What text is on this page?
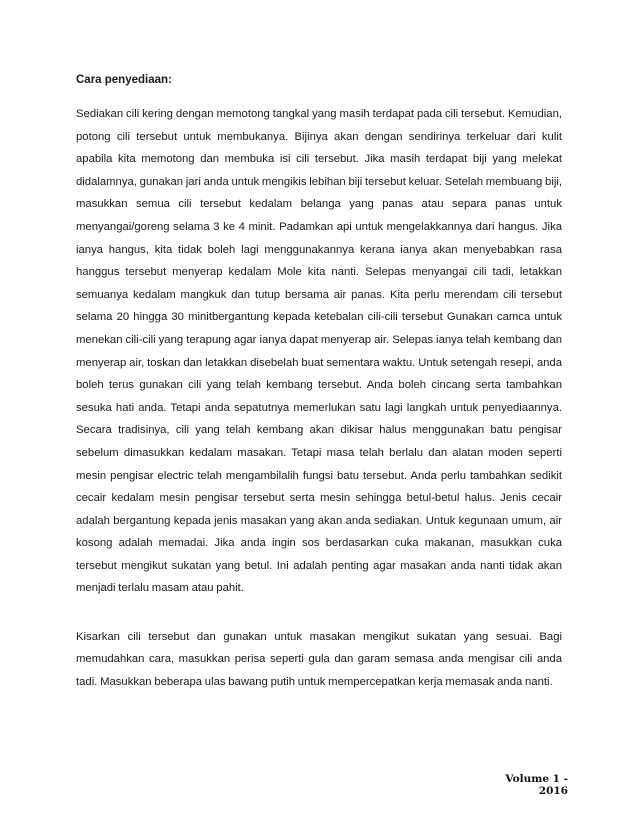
Cara penyediaan:

Sediakan cili kering dengan memotong tangkal yang masih terdapat pada cili tersebut. Kemudian, potong cili tersebut untuk membukanya. Bijinya akan dengan sendirinya terkeluar dari kulit apabila kita memotong dan membuka isi cili tersebut. Jika masih terdapat biji yang melekat didalamnya, gunakan jari anda untuk mengikis lebihan biji tersebut keluar. Setelah membuang biji, masukkan semua cili tersebut kedalam belanga yang panas atau separa panas untuk menyangai/goreng selama 3 ke 4 minit. Padamkan api untuk mengelakkannya dari hangus. Jika ianya hangus, kita tidak boleh lagi menggunakannya kerana ianya akan menyebabkan rasa hanggus tersebut menyerap kedalam Mole kita nanti. Selepas menyangai cili tadi, letakkan semuanya kedalam mangkuk dan tutup bersama air panas. Kita perlu merendam cili tersebut selama 20 hingga 30 minitbergantung kepada ketebalan cili-cili tersebut Gunakan camca untuk menekan cili-cili yang terapung agar ianya dapat menyerap air. Selepas ianya telah kembang dan menyerap air, toskan dan letakkan disebelah buat sementara waktu. Untuk setengah resepi, anda boleh terus gunakan cili yang telah kembang tersebut. Anda boleh cincang serta tambahkan sesuka hati anda. Tetapi anda sepatutnya memerlukan satu lagi langkah untuk penyediaannya. Secara tradisinya, cili yang telah kembang akan dikisar halus menggunakan batu pengisar sebelum dimasukkan kedalam masakan. Tetapi masa telah berlalu dan alatan moden seperti mesin pengisar electric telah mengambilalih fungsi batu tersebut. Anda perlu tambahkan sedikit cecair kedalam mesin pengisar tersebut serta mesin sehingga betul-betul halus. Jenis cecair adalah bergantung kepada jenis masakan yang akan anda sediakan. Untuk kegunaan umum, air kosong adalah memadai. Jika anda ingin sos berdasarkan cuka makanan, masukkan cuka tersebut mengikut sukatan yang betul. Ini adalah penting agar masakan anda nanti tidak akan menjadi terlalu masam atau pahit.

Kisarkan cili tersebut dan gunakan untuk masakan mengikut sukatan yang sesuai. Bagi memudahkan cara, masukkan perisa seperti gula dan garam semasa anda mengisar cili anda tadi. Masukkan beberapa ulas bawang putih untuk mempercepatkan kerja memasak anda nanti.

Volume 1 - 2016
